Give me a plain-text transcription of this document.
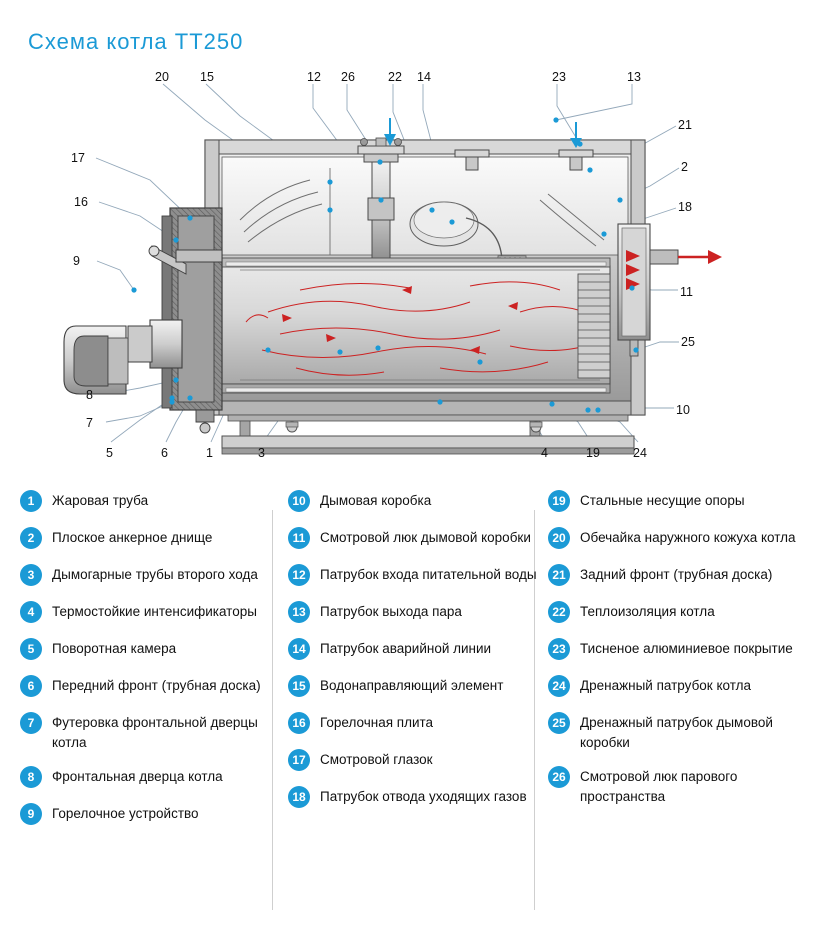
Схема котла ТТ250
20 15	12 26	22 14	23	13
21
2
18
11
25
10
17
16
9
8
7
5	6	1	3	4	19	24
1	Жаровая труба
2	Плоское анкерное днище
3	Дымогарные трубы второго хода
4	Термостойкие интенсификаторы
5	Поворотная камера
6	Передний фронт (трубная доска)
7	Футеровка фронтальной дверцы котла
8	Фронтальная дверца котла
9	Горелочное устройство
10	Дымовая коробка
11	Смотровой люк дымовой коробки
12	Патрубок входа питательной воды
13	Патрубок выхода пара
14	Патрубок аварийной линии
15	Водонаправляющий элемент
16	Горелочная плита
17	Смотровой глазок
18	Патрубок отвода уходящих газов
19	Стальные несущие опоры
20	Обечайка наружного кожуха котла
21	Задний фронт (трубная доска)
22	Теплоизоляция котла
23	Тисненое алюминиевое покрытие
24	Дренажный патрубок котла
25	Дренажный патрубок дымовой коробки
26	Смотровой люк парового пространства
